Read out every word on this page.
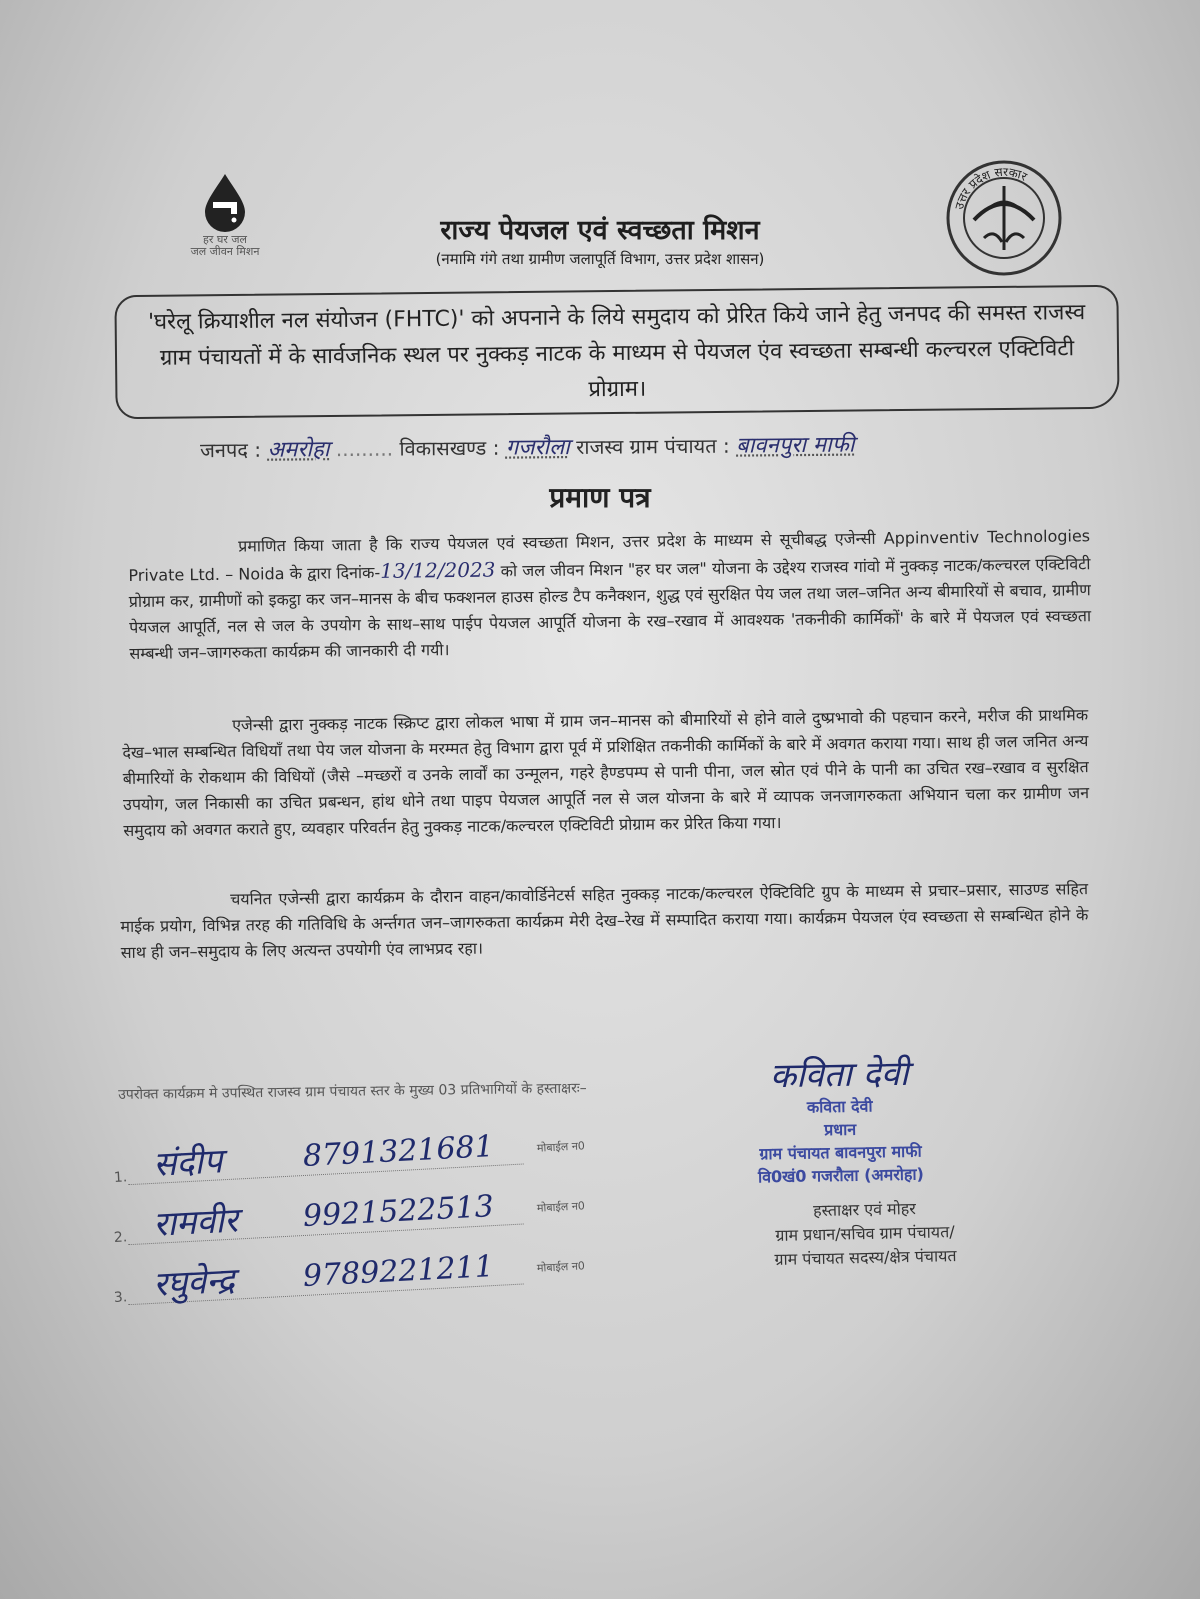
हर घर जल
जल जीवन मिशन
उत्तर प्रदेश सरकार
राज्य पेयजल एवं स्वच्छता मिशन
(नमामि गंगे तथा ग्रामीण जलापूर्ति विभाग, उत्तर प्रदेश शासन)
'घरेलू क्रियाशील नल संयोजन (FHTC)' को अपनाने के लिये समुदाय को प्रेरित किये जाने हेतु जनपद की समस्त राजस्व ग्राम पंचायतों में के सार्वजनिक स्थल पर नुक्कड़ नाटक के माध्यम से पेयजल एंव स्वच्छता सम्बन्धी कल्चरल एक्टिविटी प्रोग्राम।
जनपद : अमरोहा ......... विकासखण्ड : गजरौला राजस्व ग्राम पंचायत : बावनपुरा माफी
प्रमाण पत्र
प्रमाणित किया जाता है कि राज्य पेयजल एवं स्वच्छता मिशन, उत्तर प्रदेश के माध्यम से सूचीबद्ध एजेन्सी Appinventiv Technologies Private Ltd. – Noida के द्वारा दिनांक-13/12/2023 को जल जीवन मिशन "हर घर जल" योजना के उद्देश्य राजस्व गांवो में नुक्कड़ नाटक/कल्चरल एक्टिविटी प्रोग्राम कर, ग्रामीणों को इकट्ठा कर जन–मानस के बीच फक्शनल हाउस होल्ड टैप कनैक्शन, शुद्ध एवं सुरक्षित पेय जल तथा जल–जनित अन्य बीमारियों से बचाव, ग्रामीण पेयजल आपूर्ति, नल से जल के उपयोग के साथ–साथ पाईप पेयजल आपूर्ति योजना के रख–रखाव में आवश्यक 'तकनीकी कार्मिकों' के बारे में पेयजल एवं स्वच्छता सम्बन्धी जन–जागरुकता कार्यक्रम की जानकारी दी गयी।
एजेन्सी द्वारा नुक्कड़ नाटक स्क्रिप्ट द्वारा लोकल भाषा में ग्राम जन–मानस को बीमारियों से होने वाले दुष्प्रभावो की पहचान करने, मरीज की प्राथमिक देख–भाल सम्बन्धित विधियाँ तथा पेय जल योजना के मरम्मत हेतु विभाग द्वारा पूर्व में प्रशिक्षित तकनीकी कार्मिकों के बारे में अवगत कराया गया। साथ ही जल जनित अन्य बीमारियों के रोकथाम की विधियों (जैसे –मच्छरों व उनके लार्वों का उन्मूलन, गहरे हैण्डपम्प से पानी पीना, जल स्रोत एवं पीने के पानी का उचित रख–रखाव व सुरक्षित उपयोग, जल निकासी का उचित प्रबन्धन, हांथ धोने तथा पाइप पेयजल आपूर्ति नल से जल योजना के बारे में व्यापक जनजागरुकता अभियान चला कर ग्रामीण जन समुदाय को अवगत कराते हुए, व्यवहार परिवर्तन हेतु नुक्कड़ नाटक/कल्चरल एक्टिविटी प्रोग्राम कर प्रेरित किया गया।
चयनित एजेन्सी द्वारा कार्यक्रम के दौरान वाहन/कावोर्डिनेटर्स सहित नुक्कड़ नाटक/कल्चरल ऐक्टिविटि ग्रुप के माध्यम से प्रचार–प्रसार, साउण्ड सहित माईक प्रयोग, विभिन्न तरह की गतिविधि के अर्न्तगत जन–जागरुकता कार्यक्रम मेरी देख–रेख में सम्पादित कराया गया। कार्यक्रम पेयजल एंव स्वच्छता से सम्बन्धित होने के साथ ही जन–समुदाय के लिए अत्यन्त उपयोगी एंव लाभप्रद रहा।
उपरोक्त कार्यक्रम मे उपस्थित राजस्व ग्राम पंचायत स्तर के मुख्य 03 प्रतिभागियों के हस्ताक्षरः–
1. संदीप	8791321681	मोबाईल न0
2. रामवीर 9921522513	मोबाईल न0
3. रघुवेन्द्र 9789221211	मोबाईल न0
कविता देवी
कविता देवी
प्रधान
ग्राम पंचायत बावनपुरा माफी
वि0खं0 गजरौला (अमरोहा)
हस्ताक्षर एवं मोहर
ग्राम प्रधान/सचिव ग्राम पंचायत/
ग्राम पंचायत सदस्य/क्षेत्र पंचायत
